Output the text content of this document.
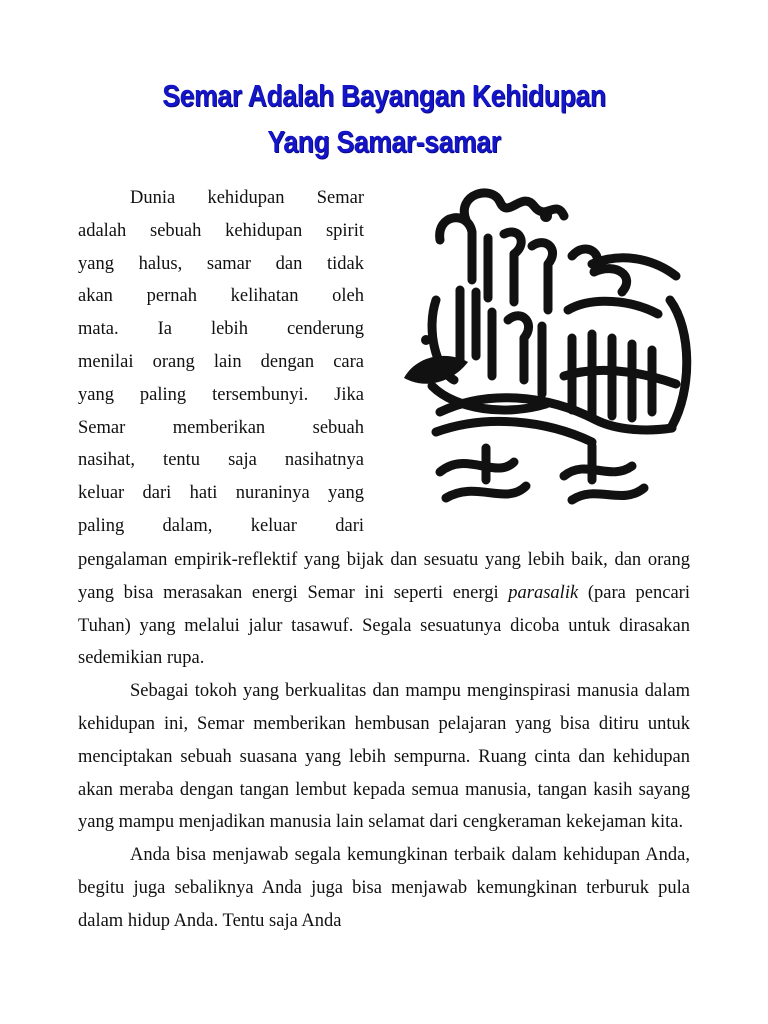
Semar Adalah Bayangan Kehidupan
Yang Samar-samar
Dunia kehidupan Semar
adalah sebuah kehidupan spirit
yang halus, samar dan tidak
akan pernah kelihatan oleh
mata. Ia lebih cenderung
menilai orang lain dengan cara
yang paling tersembunyi. Jika
Semar memberikan sebuah
nasihat, tentu saja nasihatnya
keluar dari hati nuraninya yang
paling dalam, keluar dari

pengalaman empirik-reflektif yang bijak dan sesuatu yang lebih baik, dan orang yang bisa merasakan energi Semar ini seperti energi parasalik (para pencari Tuhan) yang melalui jalur tasawuf. Segala sesuatunya dicoba untuk dirasakan sedemikian rupa.

Sebagai tokoh yang berkualitas dan mampu menginspirasi manusia dalam kehidupan ini, Semar memberikan hembusan pelajaran yang bisa ditiru untuk menciptakan sebuah suasana yang lebih sempurna. Ruang cinta dan kehidupan akan meraba dengan tangan lembut kepada semua manusia, tangan kasih sayang yang mampu menjadikan manusia lain selamat dari cengkeraman kekejaman kita.

Anda bisa menjawab segala kemungkinan terbaik dalam kehidupan Anda, begitu juga sebaliknya Anda juga bisa menjawab kemungkinan terburuk pula dalam hidup Anda. Tentu saja Anda
